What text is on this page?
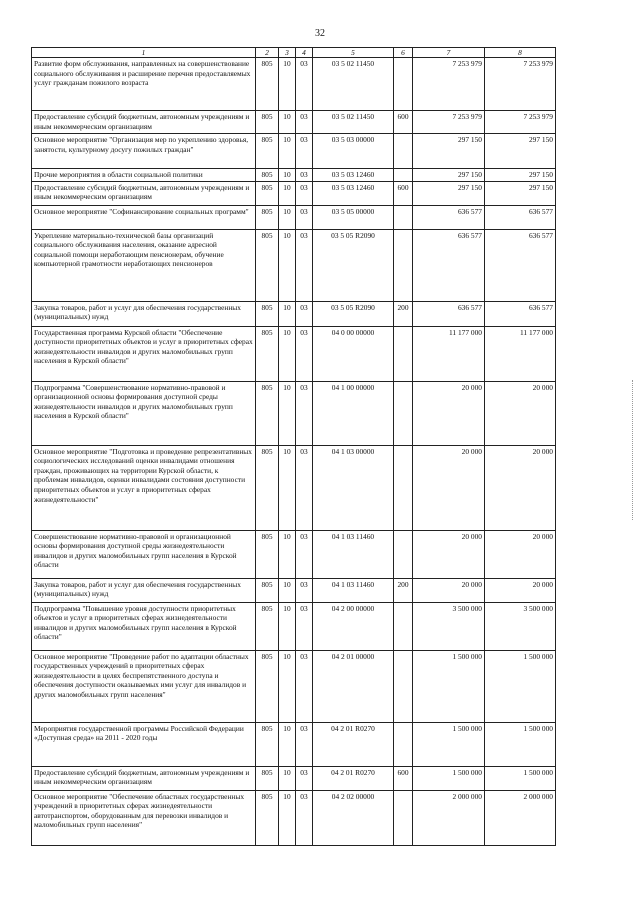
32
1	2	3	4	5	6	7	8
Развитие форм обслуживания, направленных на совершенствование социального обслуживания и расширение перечня предоставляемых услуг гражданам пожилого возраста	805	10	03	03 5 02 11450		7 253 979	7 253 979
Предоставление субсидий бюджетным, автономным учреждениям и иным некоммерческим организациям	805	10	03	03 5 02 11450	600	7 253 979	7 253 979
Основное мероприятие "Организация мер по укреплению здоровья, занятости, культурному досугу пожилых граждан"	805	10	03	03 5 03 00000		297 150	297 150
Прочие мероприятия в области социальной политики	805	10	03	03 5 03 12460		297 150	297 150
Предоставление субсидий бюджетным, автономным учреждениям и иным некоммерческим организациям	805	10	03	03 5 03 12460	600	297 150	297 150
Основное мероприятие "Софинансирование социальных программ"	805	10	03	03 5 05 00000		636 577	636 577
Укрепление материально-технической базы организаций социального обслуживания населения, оказание адресной социальной помощи неработающим пенсионерам, обучение компьютерной грамотности неработающих пенсионеров	805	10	03	03 5 05 R2090		636 577	636 577
Закупка товаров, работ и услуг для обеспечения государственных (муниципальных) нужд	805	10	03	03 5 05 R2090	200	636 577	636 577
Государственная программа Курской области "Обеспечение доступности приоритетных объектов и услуг в приоритетных сферах жизнедеятельности инвалидов и других маломобильных групп населения в Курской области"	805	10	03	04 0 00 00000		11 177 000	11 177 000
Подпрограмма "Совершенствование нормативно-правовой и организационной основы формирования доступной среды жизнедеятельности инвалидов и других маломобильных групп населения в Курской области"	805	10	03	04 1 00 00000		20 000	20 000
Основное мероприятие "Подготовка и проведение репрезентативных социологических исследований оценки инвалидами отношения граждан, проживающих на территории Курской области, к проблемам инвалидов, оценки инвалидами состояния доступности приоритетных объектов и услуг в приоритетных сферах жизнедеятельности"	805	10	03	04 1 03 00000		20 000	20 000
Совершенствование нормативно-правовой и организационной основы формирования доступной среды жизнедеятельности инвалидов и других маломобильных групп населения в Курской области	805	10	03	04 1 03 11460		20 000	20 000
Закупка товаров, работ и услуг для обеспечения государственных (муниципальных) нужд	805	10	03	04 1 03 11460	200	20 000	20 000
Подпрограмма "Повышение уровня доступности приоритетных объектов и услуг в приоритетных сферах жизнедеятельности инвалидов и других маломобильных групп населения в Курской области"	805	10	03	04 2 00 00000		3 500 000	3 500 000
Основное мероприятие "Проведение работ по адаптации областных государственных учреждений в приоритетных сферах жизнедеятельности в целях беспрепятственного доступа и обеспечения доступности оказываемых ими услуг для инвалидов и других маломобильных групп населения"	805	10	03	04 2 01 00000		1 500 000	1 500 000
Мероприятия государственной программы Российской Федерации «Доступная среда» на 2011 - 2020 годы	805	10	03	04 2 01 R0270		1 500 000	1 500 000
Предоставление субсидий бюджетным, автономным учреждениям и иным некоммерческим организациям	805	10	03	04 2 01 R0270	600	1 500 000	1 500 000
Основное мероприятие "Обеспечение областных государственных учреждений в приоритетных сферах жизнедеятельности автотранспортом, оборудованным для перевозки инвалидов и маломобильных групп населения"	805	10	03	04 2 02 00000		2 000 000	2 000 000
